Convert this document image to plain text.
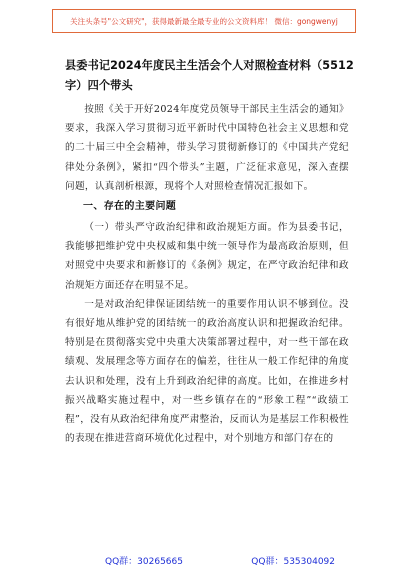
关注头条号"公文研究"，获得最新最全最专业的公文资料库！ 微信：gongwenyj
县委书记2024年度民主生活会个人对照检查材料（5512字）四个带头

按照《关于开好2024年度党员领导干部民主生活会的通知》要求，我深入学习贯彻习近平新时代中国特色社会主义思想和党的二十届三中全会精神，带头学习贯彻新修订的《中国共产党纪律处分条例》，紧扣“四个带头”主题，广泛征求意见，深入查摆问题，认真剖析根源，现将个人对照检查情况汇报如下。

一、存在的主要问题

（一）带头严守政治纪律和政治规矩方面。作为县委书记，我能够把维护党中央权威和集中统一领导作为最高政治原则，但对照党中央要求和新修订的《条例》规定，在严守政治纪律和政治规矩方面还存在明显不足。

一是对政治纪律保证团结统一的重要作用认识不够到位。没有很好地从维护党的团结统一的政治高度认识和把握政治纪律。特别是在贯彻落实党中央重大决策部署过程中，对一些干部在政绩观、发展理念等方面存在的偏差，往往从一般工作纪律的角度去认识和处理，没有上升到政治纪律的高度。比如，在推进乡村振兴战略实施过程中，对一些乡镇存在的“形象工程”“政绩工程”，没有从政治纪律角度严肃整治，反而认为是基层工作积极性的表现在推进营商环境优化过程中，对个别地方和部门存在的

QQ群：30265665	QQ群：535304092
